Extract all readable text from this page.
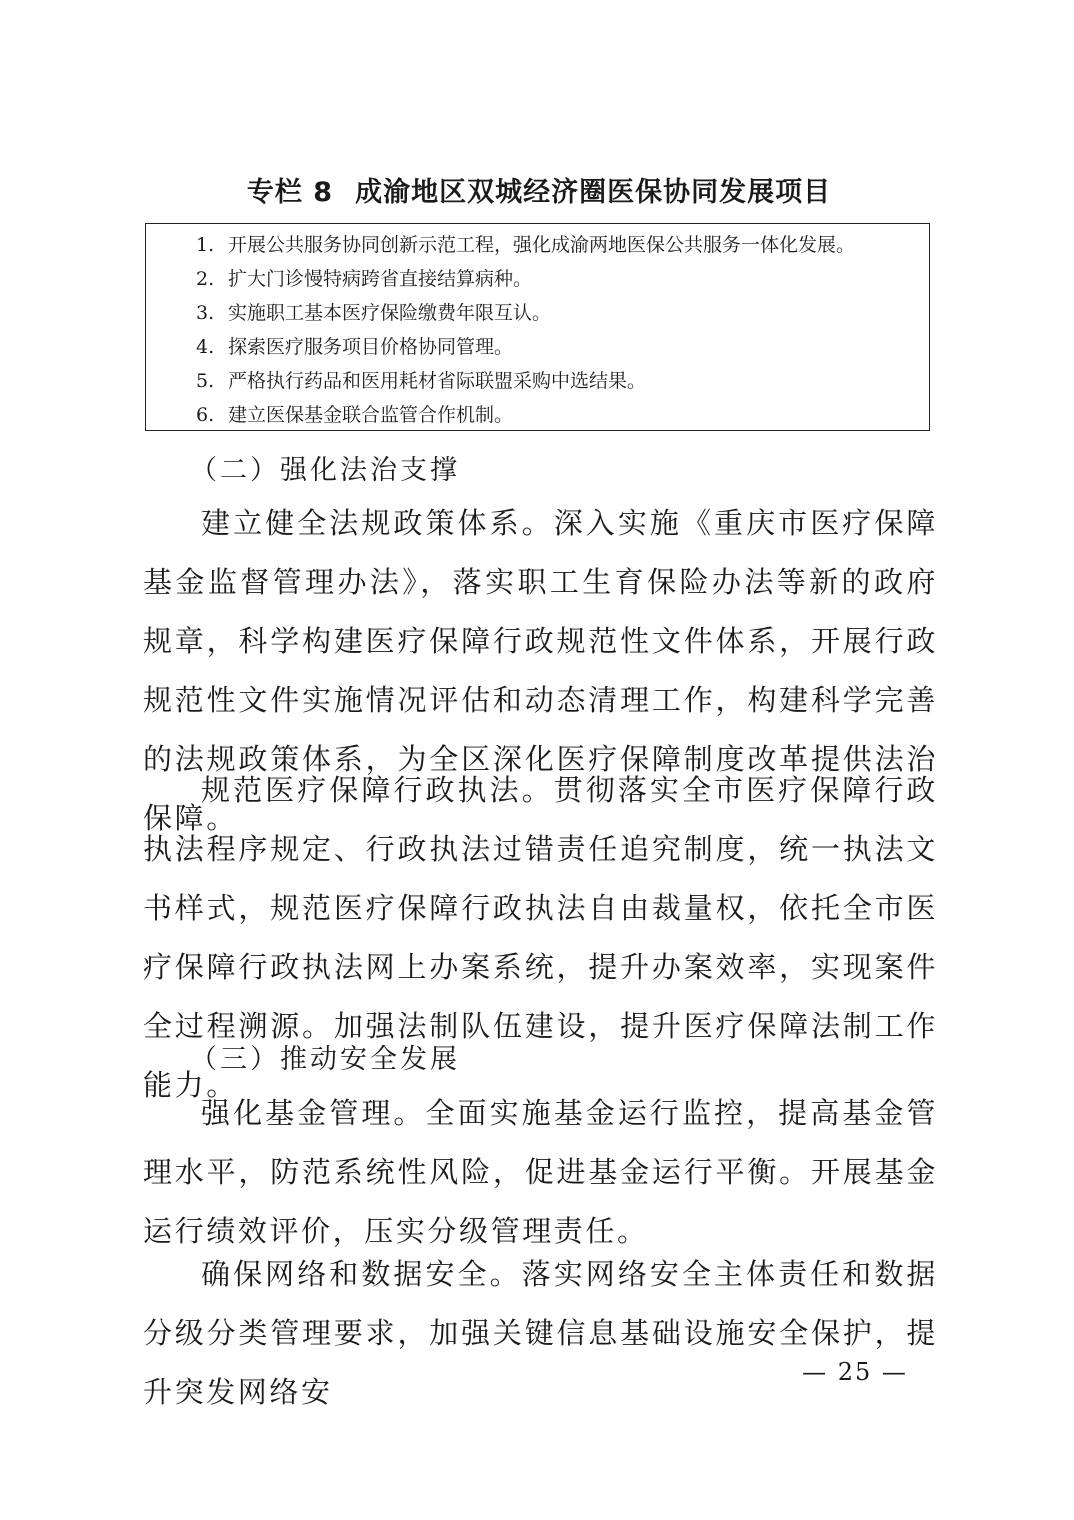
专栏 8 成渝地区双城经济圈医保协同发展项目
1. 开展公共服务协同创新示范工程，强化成渝两地医保公共服务一体化发展。
2. 扩大门诊慢特病跨省直接结算病种。
3. 实施职工基本医疗保险缴费年限互认。
4. 探索医疗服务项目价格协同管理。
5. 严格执行药品和医用耗材省际联盟采购中选结果。
6. 建立医保基金联合监管合作机制。
（二）强化法治支撑

建立健全法规政策体系。深入实施《重庆市医疗保障基金监督管理办法》，落实职工生育保险办法等新的政府规章，科学构建医疗保障行政规范性文件体系，开展行政规范性文件实施情况评估和动态清理工作，构建科学完善的法规政策体系，为全区深化医疗保障制度改革提供法治保障。

规范医疗保障行政执法。贯彻落实全市医疗保障行政执法程序规定、行政执法过错责任追究制度，统一执法文书样式，规范医疗保障行政执法自由裁量权，依托全市医疗保障行政执法网上办案系统，提升办案效率，实现案件全过程溯源。加强法制队伍建设，提升医疗保障法制工作能力。

（三）推动安全发展

强化基金管理。全面实施基金运行监控，提高基金管理水平，防范系统性风险，促进基金运行平衡。开展基金运行绩效评价，压实分级管理责任。

确保网络和数据安全。落实网络安全主体责任和数据分级分类管理要求，加强关键信息基础设施安全保护，提升突发网络安

— 25 —
